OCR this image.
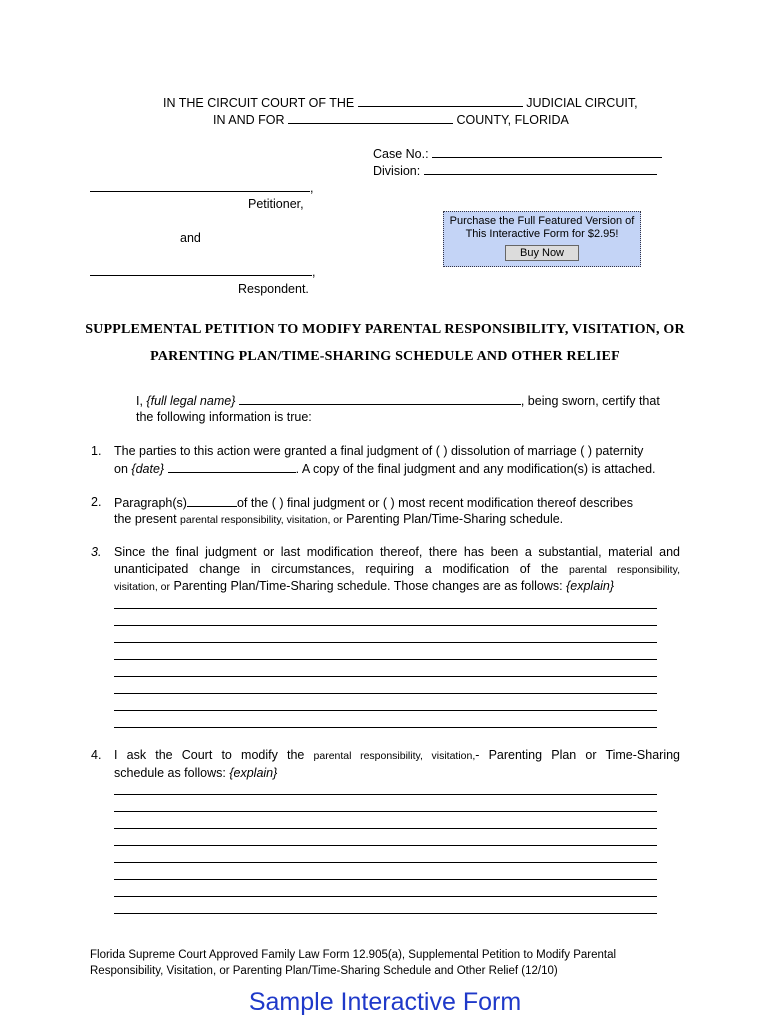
IN THE CIRCUIT COURT OF THE	JUDICIAL CIRCUIT,
IN AND FOR	COUNTY, FLORIDA
Case No.:
Division:
,
Petitioner,
and
,
Respondent.
Purchase the Full Featured Version of
This Interactive Form for $2.95!
Buy Now
SUPPLEMENTAL PETITION TO MODIFY PARENTAL RESPONSIBILITY, VISITATION, OR
PARENTING PLAN/TIME-SHARING SCHEDULE AND OTHER RELIEF
I, {full legal name}	, being sworn, certify that
the following information is true:
1. The parties to this action were granted a final judgment of ( ) dissolution of marriage ( ) paternity
on {date}	. A copy of the final judgment and any modification(s) is attached.
2. Paragraph(s)	of the ( ) final judgment or ( ) most recent modification thereof describes
the present parental responsibility, visitation, or Parenting Plan/Time-Sharing schedule.
3. Since the final judgment or last modification thereof, there has been a substantial, material and
unanticipated change in circumstances, requiring a modification of the parental responsibility,
visitation, or Parenting Plan/Time-Sharing schedule. Those changes are as follows: {explain}
4. I ask the Court to modify the parental responsibility, visitation,- Parenting Plan or Time-Sharing
schedule as follows: {explain}
Florida Supreme Court Approved Family Law Form 12.905(a), Supplemental Petition to Modify Parental
Responsibility, Visitation, or Parenting Plan/Time-Sharing Schedule and Other Relief (12/10)
Sample Interactive Form
